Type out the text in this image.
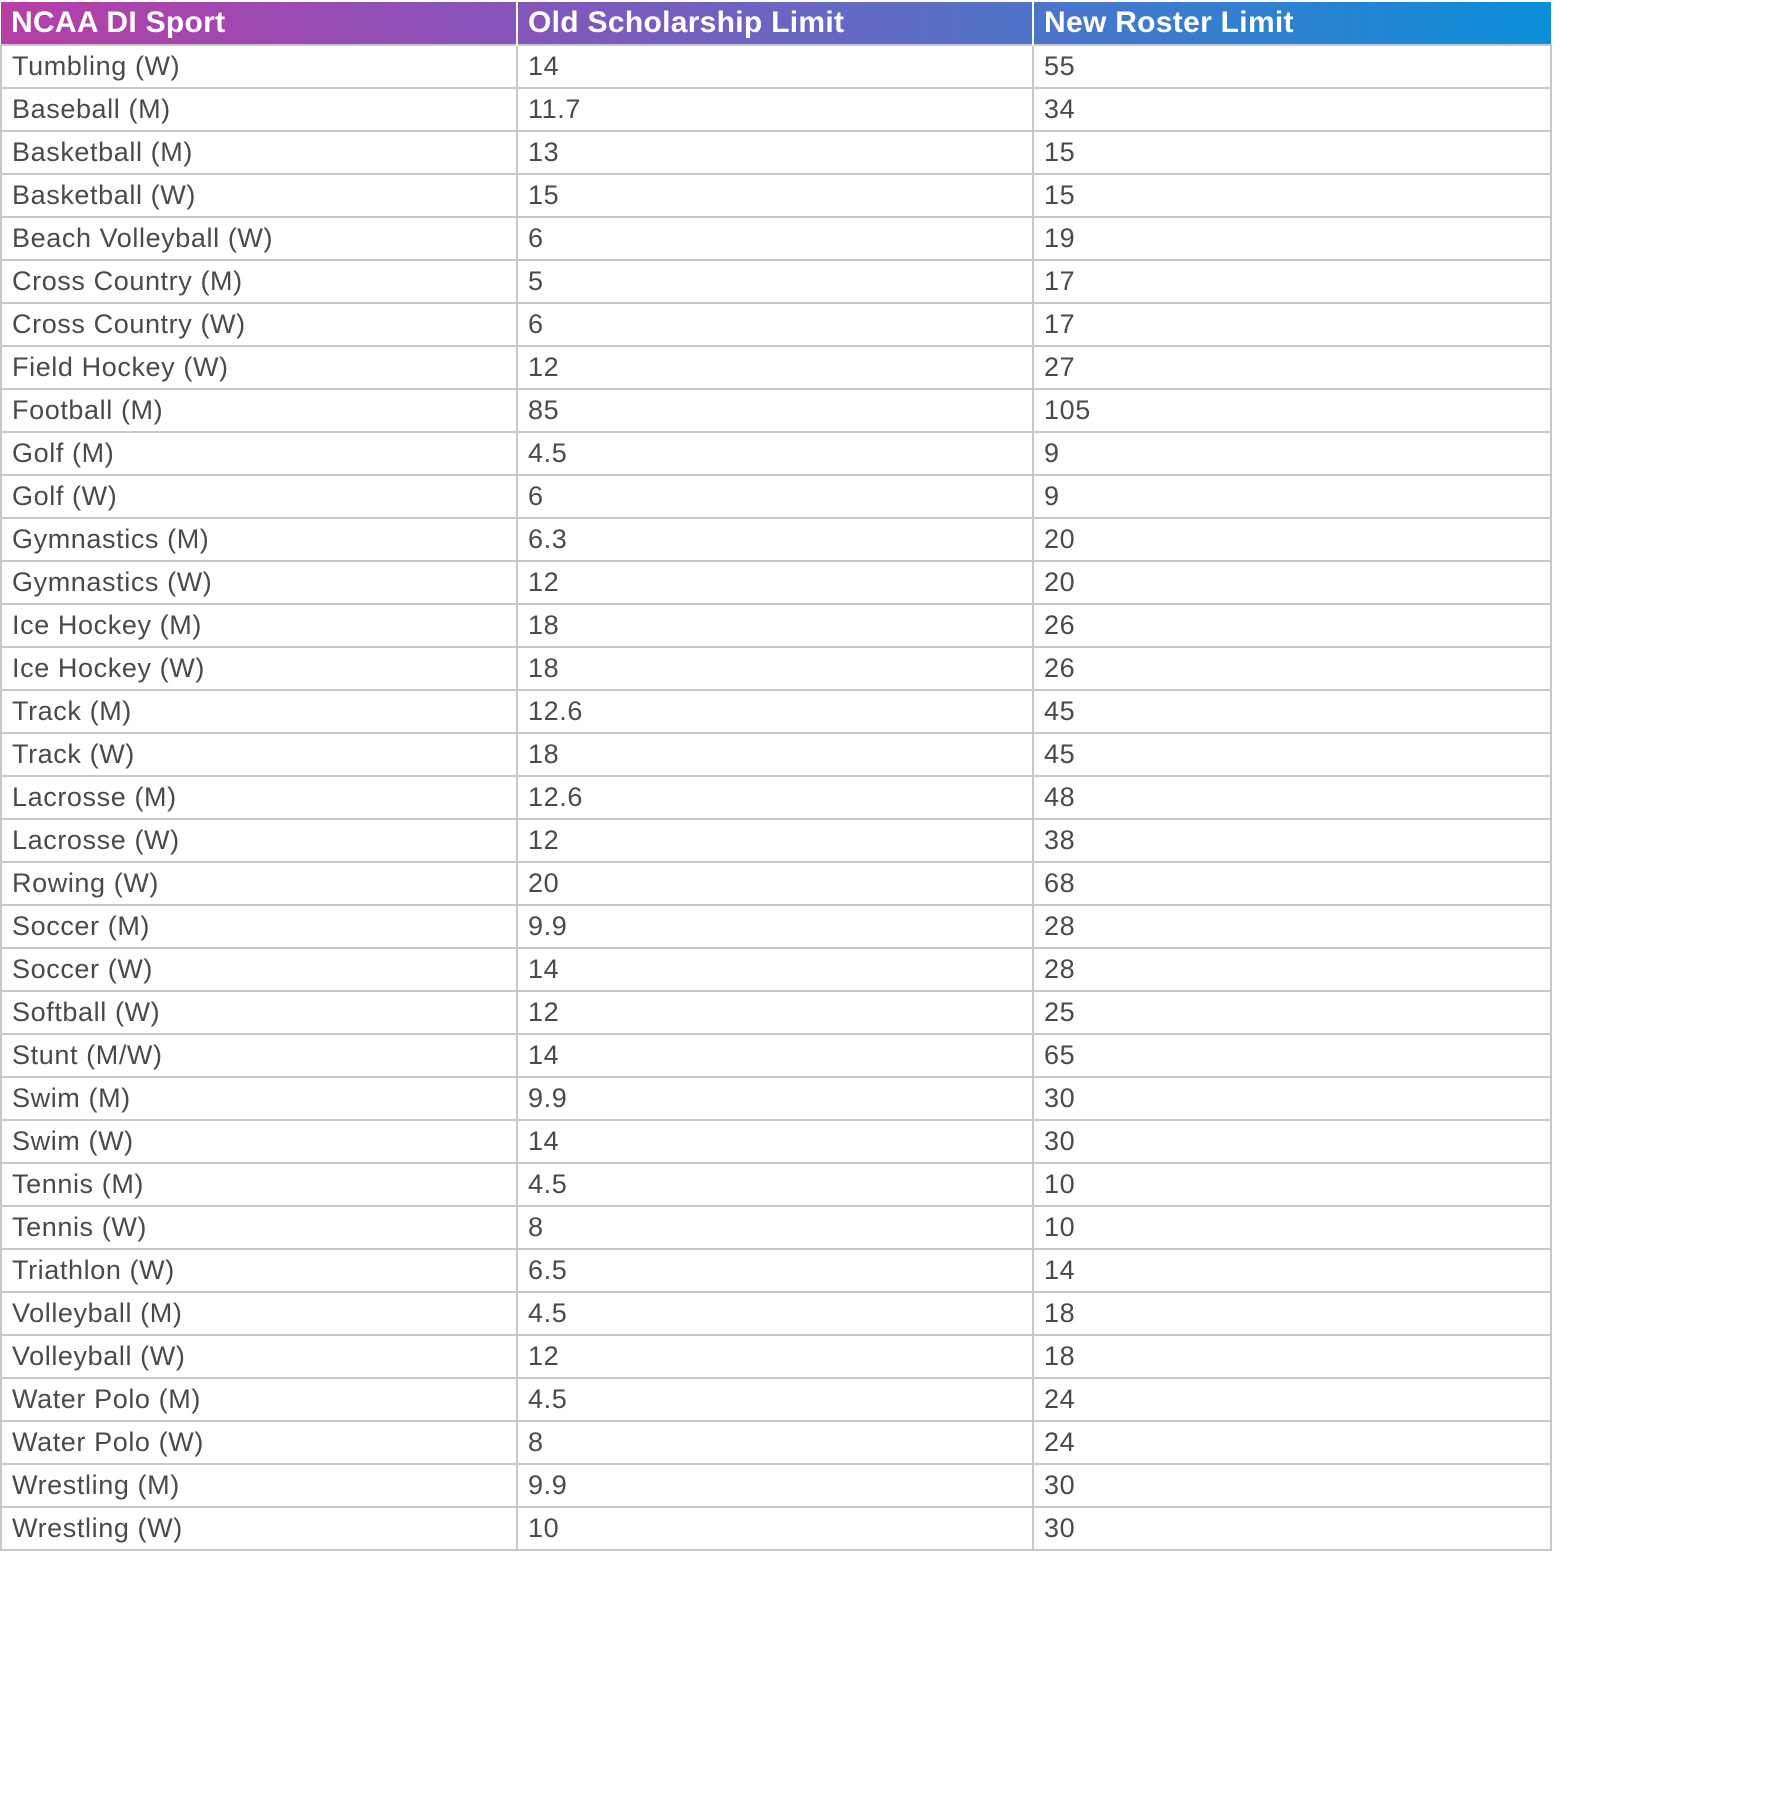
NCAA DI Sport	Old Scholarship Limit	New Roster Limit
Tumbling (W)	14	55
Baseball (M)	11.7	34
Basketball (M)	13	15
Basketball (W)	15	15
Beach Volleyball (W)	6	19
Cross Country (M)	5	17
Cross Country (W)	6	17
Field Hockey (W)	12	27
Football (M)	85	105
Golf (M)	4.5	9
Golf (W)	6	9
Gymnastics (M)	6.3	20
Gymnastics (W)	12	20
Ice Hockey (M)	18	26
Ice Hockey (W)	18	26
Track (M)	12.6	45
Track (W)	18	45
Lacrosse (M)	12.6	48
Lacrosse (W)	12	38
Rowing (W)	20	68
Soccer (M)	9.9	28
Soccer (W)	14	28
Softball (W)	12	25
Stunt (M/W)	14	65
Swim (M)	9.9	30
Swim (W)	14	30
Tennis (M)	4.5	10
Tennis (W)	8	10
Triathlon (W)	6.5	14
Volleyball (M)	4.5	18
Volleyball (W)	12	18
Water Polo (M)	4.5	24
Water Polo (W)	8	24
Wrestling (M)	9.9	30
Wrestling (W)	10	30
